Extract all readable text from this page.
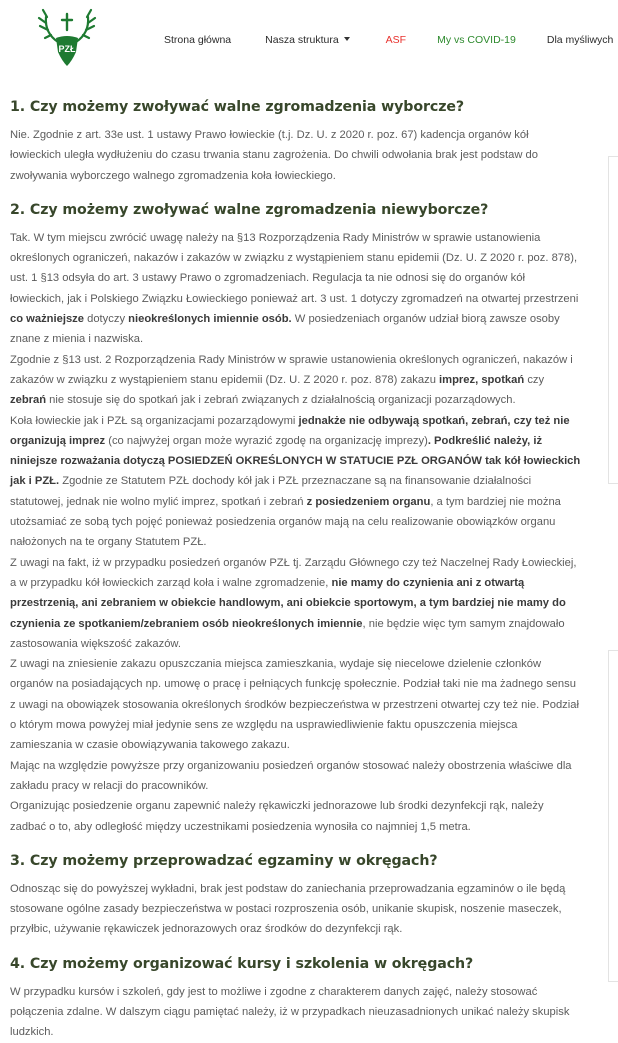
PZŁ
Strona główna	Nasza struktura	ASF	My vs COVID-19	Dla myśliwych
1. Czy możemy zwoływać walne zgromadzenia wyborcze?

Nie. Zgodnie z art. 33e ust. 1 ustawy Prawo łowieckie (t.j. Dz. U. z 2020 r. poz. 67) kadencja organów kół łowieckich uległa wydłużeniu do czasu trwania stanu zagrożenia. Do chwili odwołania brak jest podstaw do zwoływania wyborczego walnego zgromadzenia koła łowieckiego.

2. Czy możemy zwoływać walne zgromadzenia niewyborcze?

Tak. W tym miejscu zwrócić uwagę należy na §13 Rozporządzenia Rady Ministrów w sprawie ustanowienia określonych ograniczeń, nakazów i zakazów w związku z wystąpieniem stanu epidemii (Dz. U. Z 2020 r. poz. 878), ust. 1 §13 odsyła do art. 3 ustawy Prawo o zgromadzeniach. Regulacja ta nie odnosi się do organów kół łowieckich, jak i Polskiego Związku Łowieckiego ponieważ art. 3 ust. 1 dotyczy zgromadzeń na otwartej przestrzeni co ważniejsze dotyczy nieokreślonych imiennie osób. W posiedzeniach organów udział biorą zawsze osoby znane z mienia i nazwiska.

Zgodnie z §13 ust. 2 Rozporządzenia Rady Ministrów w sprawie ustanowienia określonych ograniczeń, nakazów i zakazów w związku z wystąpieniem stanu epidemii (Dz. U. Z 2020 r. poz. 878) zakazu imprez, spotkań czy zebrań nie stosuje się do spotkań jak i zebrań związanych z działalnością organizacji pozarządowych.

Koła łowieckie jak i PZŁ są organizacjami pozarządowymi jednakże nie odbywają spotkań, zebrań, czy też nie organizują imprez (co najwyżej organ może wyrazić zgodę na organizację imprezy). Podkreślić należy, iż niniejsze rozważania dotyczą POSIEDZEŃ OKREŚLONYCH W STATUCIE PZŁ ORGANÓW tak kół łowieckich jak i PZŁ. Zgodnie ze Statutem PZŁ dochody kół jak i PZŁ przeznaczane są na finansowanie działalności statutowej, jednak nie wolno mylić imprez, spotkań i zebrań z posiedzeniem organu, a tym bardziej nie można utożsamiać ze sobą tych pojęć ponieważ posiedzenia organów mają na celu realizowanie obowiązków organu nałożonych na te organy Statutem PZŁ.

Z uwagi na fakt, iż w przypadku posiedzeń organów PZŁ tj. Zarządu Głównego czy też Naczelnej Rady Łowieckiej, a w przypadku kół łowieckich zarząd koła i walne zgromadzenie, nie mamy do czynienia ani z otwartą przestrzenią, ani zebraniem w obiekcie handlowym, ani obiekcie sportowym, a tym bardziej nie mamy do czynienia ze spotkaniem/zebraniem osób nieokreślonych imiennie, nie będzie więc tym samym znajdowało zastosowania większość zakazów.

Z uwagi na zniesienie zakazu opuszczania miejsca zamieszkania, wydaje się niecelowe dzielenie członków organów na posiadających np. umowę o pracę i pełniących funkcję społecznie. Podział taki nie ma żadnego sensu z uwagi na obowiązek stosowania określonych środków bezpieczeństwa w przestrzeni otwartej czy też nie. Podział o którym mowa powyżej miał jedynie sens ze względu na usprawiedliwienie faktu opuszczenia miejsca zamieszania w czasie obowiązywania takowego zakazu.

Mając na względzie powyższe przy organizowaniu posiedzeń organów stosować należy obostrzenia właściwe dla zakładu pracy w relacji do pracowników.

Organizując posiedzenie organu zapewnić należy rękawiczki jednorazowe lub środki dezynfekcji rąk, należy zadbać o to, aby odległość między uczestnikami posiedzenia wynosiła co najmniej 1,5 metra.

3. Czy możemy przeprowadzać egzaminy w okręgach?

Odnosząc się do powyższej wykładni, brak jest podstaw do zaniechania przeprowadzania egzaminów o ile będą stosowane ogólne zasady bezpieczeństwa w postaci rozproszenia osób, unikanie skupisk, noszenie maseczek, przyłbic, używanie rękawiczek jednorazowych oraz środków do dezynfekcji rąk.

4. Czy możemy organizować kursy i szkolenia w okręgach?

W przypadku kursów i szkoleń, gdy jest to możliwe i zgodne z charakterem danych zajęć, należy stosować połączenia zdalne. W dalszym ciągu pamiętać należy, iż w przypadkach nieuzasadnionych unikać należy skupisk ludzkich.
